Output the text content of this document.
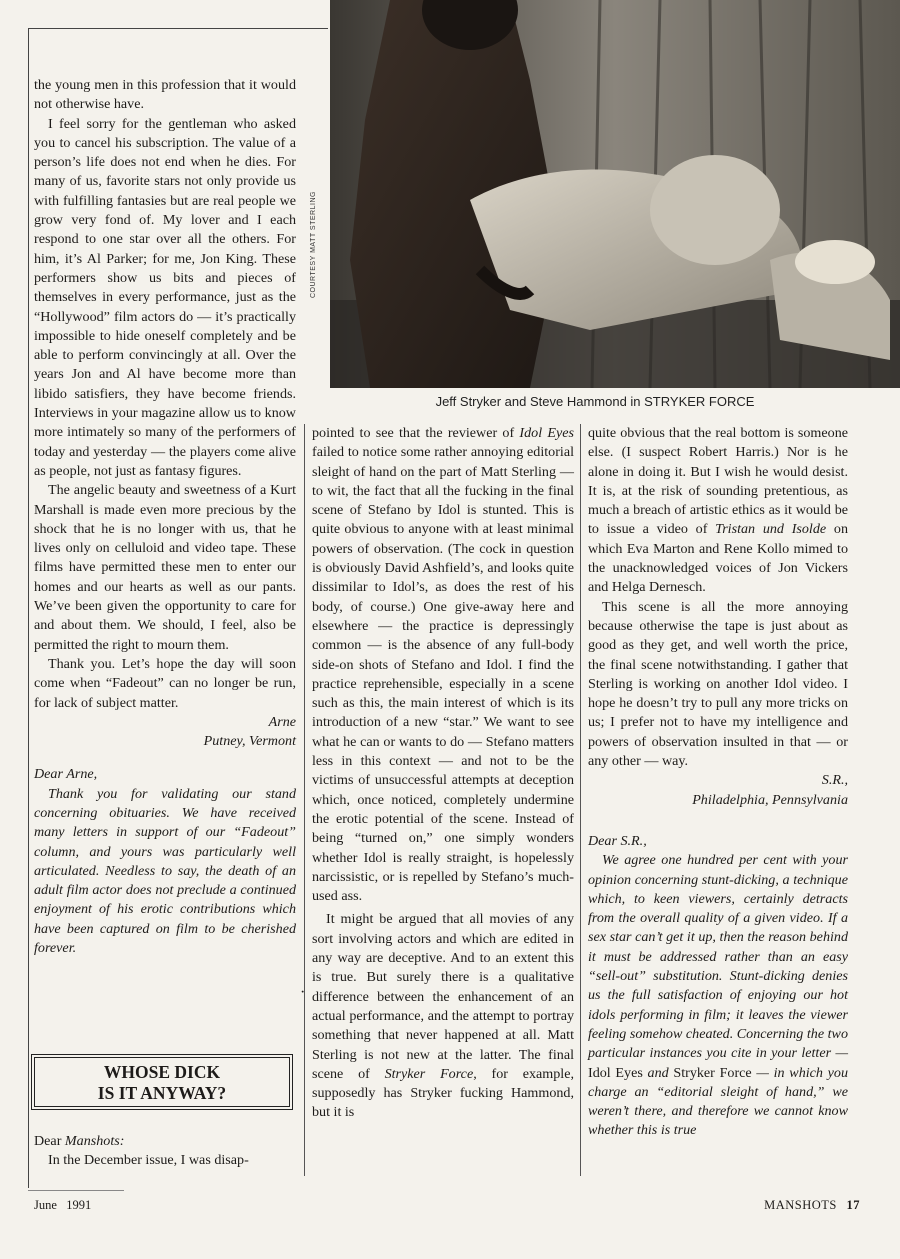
COURTESY MATT STERLING
Jeff Stryker and Steve Hammond in STRYKER FORCE

the young men in this profession that it would not otherwise have.

I feel sorry for the gentleman who asked you to cancel his subscription. The value of a person’s life does not end when he dies. For many of us, favorite stars not only provide us with fulfilling fantasies but are real people we grow very fond of. My lover and I each respond to one star over all the others. For him, it’s Al Parker; for me, Jon King. These performers show us bits and pieces of themselves in every performance, just as the “Hollywood” film actors do — it’s practically impossible to hide oneself completely and be able to perform convincingly at all. Over the years Jon and Al have become more than libido satisfiers, they have become friends. Interviews in your magazine allow us to know more intimately so many of the performers of today and yesterday — the players come alive as people, not just as fantasy figures.

The angelic beauty and sweetness of a Kurt Marshall is made even more precious by the shock that he is no longer with us, that he lives only on celluloid and video tape. These films have permitted these men to enter our homes and our hearts as well as our pants. We’ve been given the opportunity to care for and about them. We should, I feel, also be permitted the right to mourn them.

Thank you. Let’s hope the day will soon come when “Fadeout” can no longer be run, for lack of subject matter.

Arne

Putney, Vermont

Dear Arne,

Thank you for validating our stand concerning obituaries. We have received many letters in support of our “Fadeout” column, and yours was particularly well articulated. Needless to say, the death of an adult film actor does not preclude a continued enjoyment of his erotic contributions which have been captured on film to be cherished forever.

WHOSE DICK
IS IT ANYWAY?

Dear Manshots:

In the December issue, I was disap-

·

pointed to see that the reviewer of Idol Eyes failed to notice some rather annoying editorial sleight of hand on the part of Matt Sterling — to wit, the fact that all the fucking in the final scene of Stefano by Idol is stunted. This is quite obvious to anyone with at least minimal powers of observation. (The cock in question is obviously David Ashfield’s, and looks quite dissimilar to Idol’s, as does the rest of his body, of course.) One give-away here and elsewhere — the practice is depressingly common — is the absence of any full-body side-on shots of Stefano and Idol. I find the practice reprehensible, especially in a scene such as this, the main interest of which is its introduction of a new “star.” We want to see what he can or wants to do — Stefano matters less in this context — and not to be the victims of unsuccessful attempts at deception which, once noticed, completely undermine the erotic potential of the scene. Instead of being “turned on,” one simply wonders whether Idol is really straight, is hopelessly narcissistic, or is repelled by Stefano’s much-used ass.

It might be argued that all movies of any sort involving actors and which are edited in any way are deceptive. And to an extent this is true. But surely there is a qualitative difference between the enhancement of an actual performance, and the attempt to portray something that never happened at all. Matt Sterling is not new at the latter. The final scene of Stryker Force, for example, supposedly has Stryker fucking Hammond, but it is

quite obvious that the real bottom is someone else. (I suspect Robert Harris.) Nor is he alone in doing it. But I wish he would desist. It is, at the risk of sounding pretentious, as much a breach of artistic ethics as it would be to issue a video of Tristan und Isolde on which Eva Marton and Rene Kollo mimed to the unacknowledged voices of Jon Vickers and Helga Dernesch.

This scene is all the more annoying because otherwise the tape is just about as good as they get, and well worth the price, the final scene notwithstanding. I gather that Sterling is working on another Idol video. I hope he doesn’t try to pull any more tricks on us; I prefer not to have my intelligence and powers of observation insulted in that — or any other — way.

S.R.,

Philadelphia, Pennsylvania

Dear S.R.,

We agree one hundred per cent with your opinion concerning stunt-dicking, a technique which, to keen viewers, certainly detracts from the overall quality of a given video. If a sex star can’t get it up, then the reason behind it must be addressed rather than an easy “sell-out” substitution. Stunt-dicking denies us the full satisfaction of enjoying our hot idols performing in film; it leaves the viewer feeling somehow cheated. Concerning the two particular instances you cite in your letter — Idol Eyes and Stryker Force — in which you charge an “editorial sleight of hand,” we weren’t there, and therefore we cannot know whether this is true

June   1991	MANSHOTS 17
